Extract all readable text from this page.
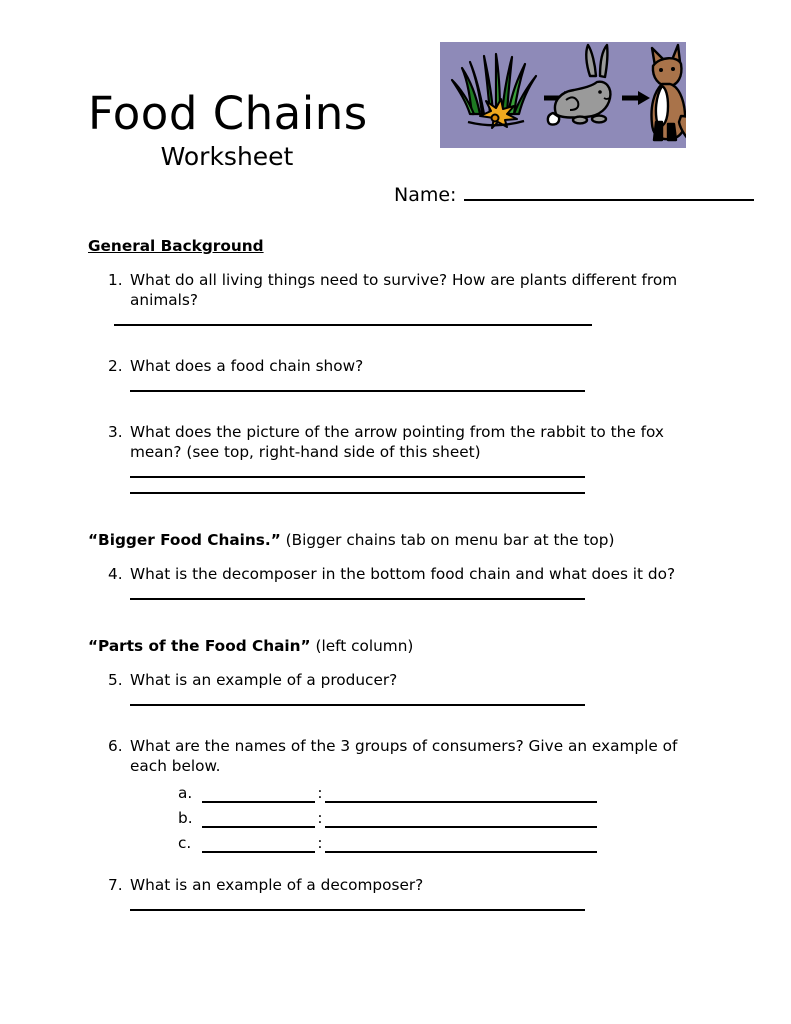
Food Chains
Worksheet
Name:
General Background
1. What do all living things need to survive? How are plants different from animals?
2. What does a food chain show?
3. What does the picture of the arrow pointing from the rabbit to the fox mean? (see top, right-hand side of this sheet)
“Bigger Food Chains.” (Bigger chains tab on menu bar at the top)
4. What is the decomposer in the bottom food chain and what does it do?
“Parts of the Food Chain” (left column)
5. What is an example of a producer?
6. What are the names of the 3 groups of consumers? Give an example of each below.
a.	:
b.	:
c.	:
7. What is an example of a decomposer?
